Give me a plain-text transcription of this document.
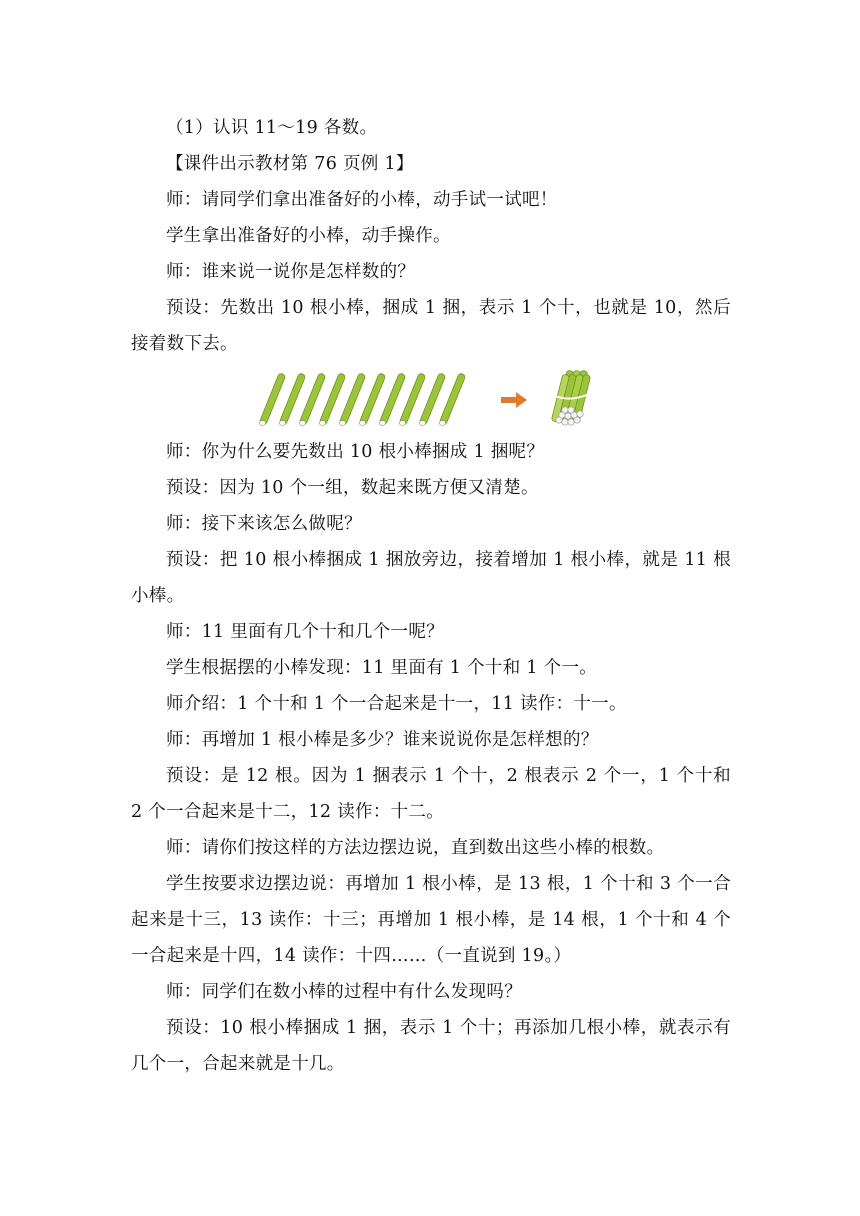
（1）认识 11～19 各数。

【课件出示教材第 76 页例 1】

师：请同学们拿出准备好的小棒，动手试一试吧！

学生拿出准备好的小棒，动手操作。

师：谁来说一说你是怎样数的？

预设：先数出 10 根小棒，捆成 1 捆，表示 1 个十，也就是 10，然后接着数下去。

师：你为什么要先数出 10 根小棒捆成 1 捆呢？

预设：因为 10 个一组，数起来既方便又清楚。

师：接下来该怎么做呢？

预设：把 10 根小棒捆成 1 捆放旁边，接着增加 1 根小棒，就是 11 根小棒。

师：11 里面有几个十和几个一呢？

学生根据摆的小棒发现：11 里面有 1 个十和 1 个一。

师介绍：1 个十和 1 个一合起来是十一，11 读作：十一。

师：再增加 1 根小棒是多少？谁来说说你是怎样想的？

预设：是 12 根。因为 1 捆表示 1 个十，2 根表示 2 个一，1 个十和 2 个一合起来是十二，12 读作：十二。

师：请你们按这样的方法边摆边说，直到数出这些小棒的根数。

学生按要求边摆边说：再增加 1 根小棒，是 13 根，1 个十和 3 个一合起来是十三，13 读作：十三；再增加 1 根小棒，是 14 根，1 个十和 4 个一合起来是十四，14 读作：十四……（一直说到 19。）

师：同学们在数小棒的过程中有什么发现吗？

预设：10 根小棒捆成 1 捆，表示 1 个十；再添加几根小棒，就表示有几个一，合起来就是十几。
